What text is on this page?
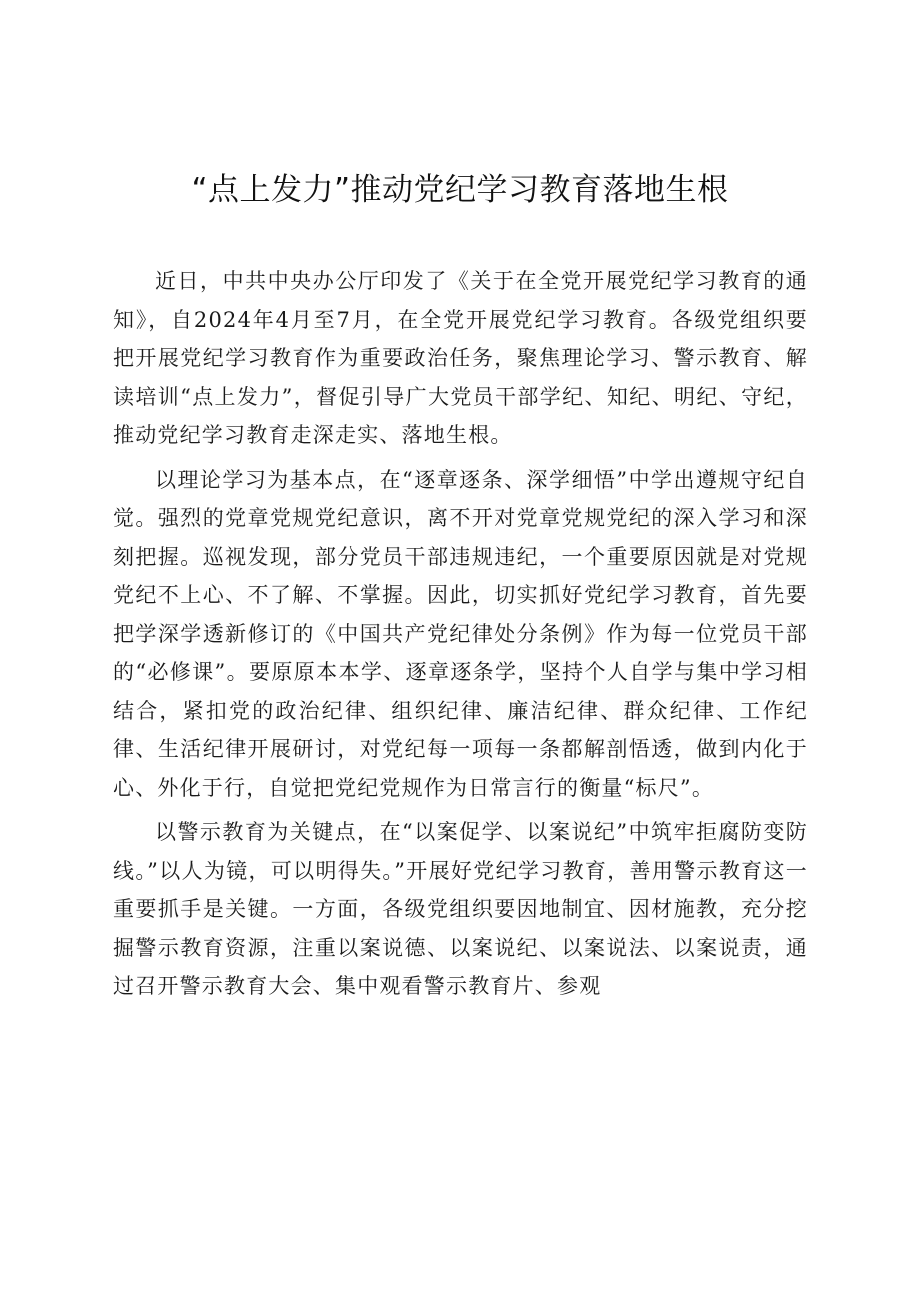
“点上发力”推动党纪学习教育落地生根

近日，中共中央办公厅印发了《关于在全党开展党纪学习教育的通知》，自2024年4月至7月，在全党开展党纪学习教育。各级党组织要把开展党纪学习教育作为重要政治任务，聚焦理论学习、警示教育、解读培训“点上发力”，督促引导广大党员干部学纪、知纪、明纪、守纪，推动党纪学习教育走深走实、落地生根。

以理论学习为基本点，在“逐章逐条、深学细悟”中学出遵规守纪自觉。强烈的党章党规党纪意识，离不开对党章党规党纪的深入学习和深刻把握。巡视发现，部分党员干部违规违纪，一个重要原因就是对党规党纪不上心、不了解、不掌握。因此，切实抓好党纪学习教育，首先要把学深学透新修订的《中国共产党纪律处分条例》作为每一位党员干部的“必修课”。要原原本本学、逐章逐条学，坚持个人自学与集中学习相结合，紧扣党的政治纪律、组织纪律、廉洁纪律、群众纪律、工作纪律、生活纪律开展研讨，对党纪每一项每一条都解剖悟透，做到内化于心、外化于行，自觉把党纪党规作为日常言行的衡量“标尺”。

以警示教育为关键点，在“以案促学、以案说纪”中筑牢拒腐防变防线。”以人为镜，可以明得失。”开展好党纪学习教育，善用警示教育这一重要抓手是关键。一方面，各级党组织要因地制宜、因材施教，充分挖掘警示教育资源，注重以案说德、以案说纪、以案说法、以案说责，通过召开警示教育大会、集中观看警示教育片、参观
